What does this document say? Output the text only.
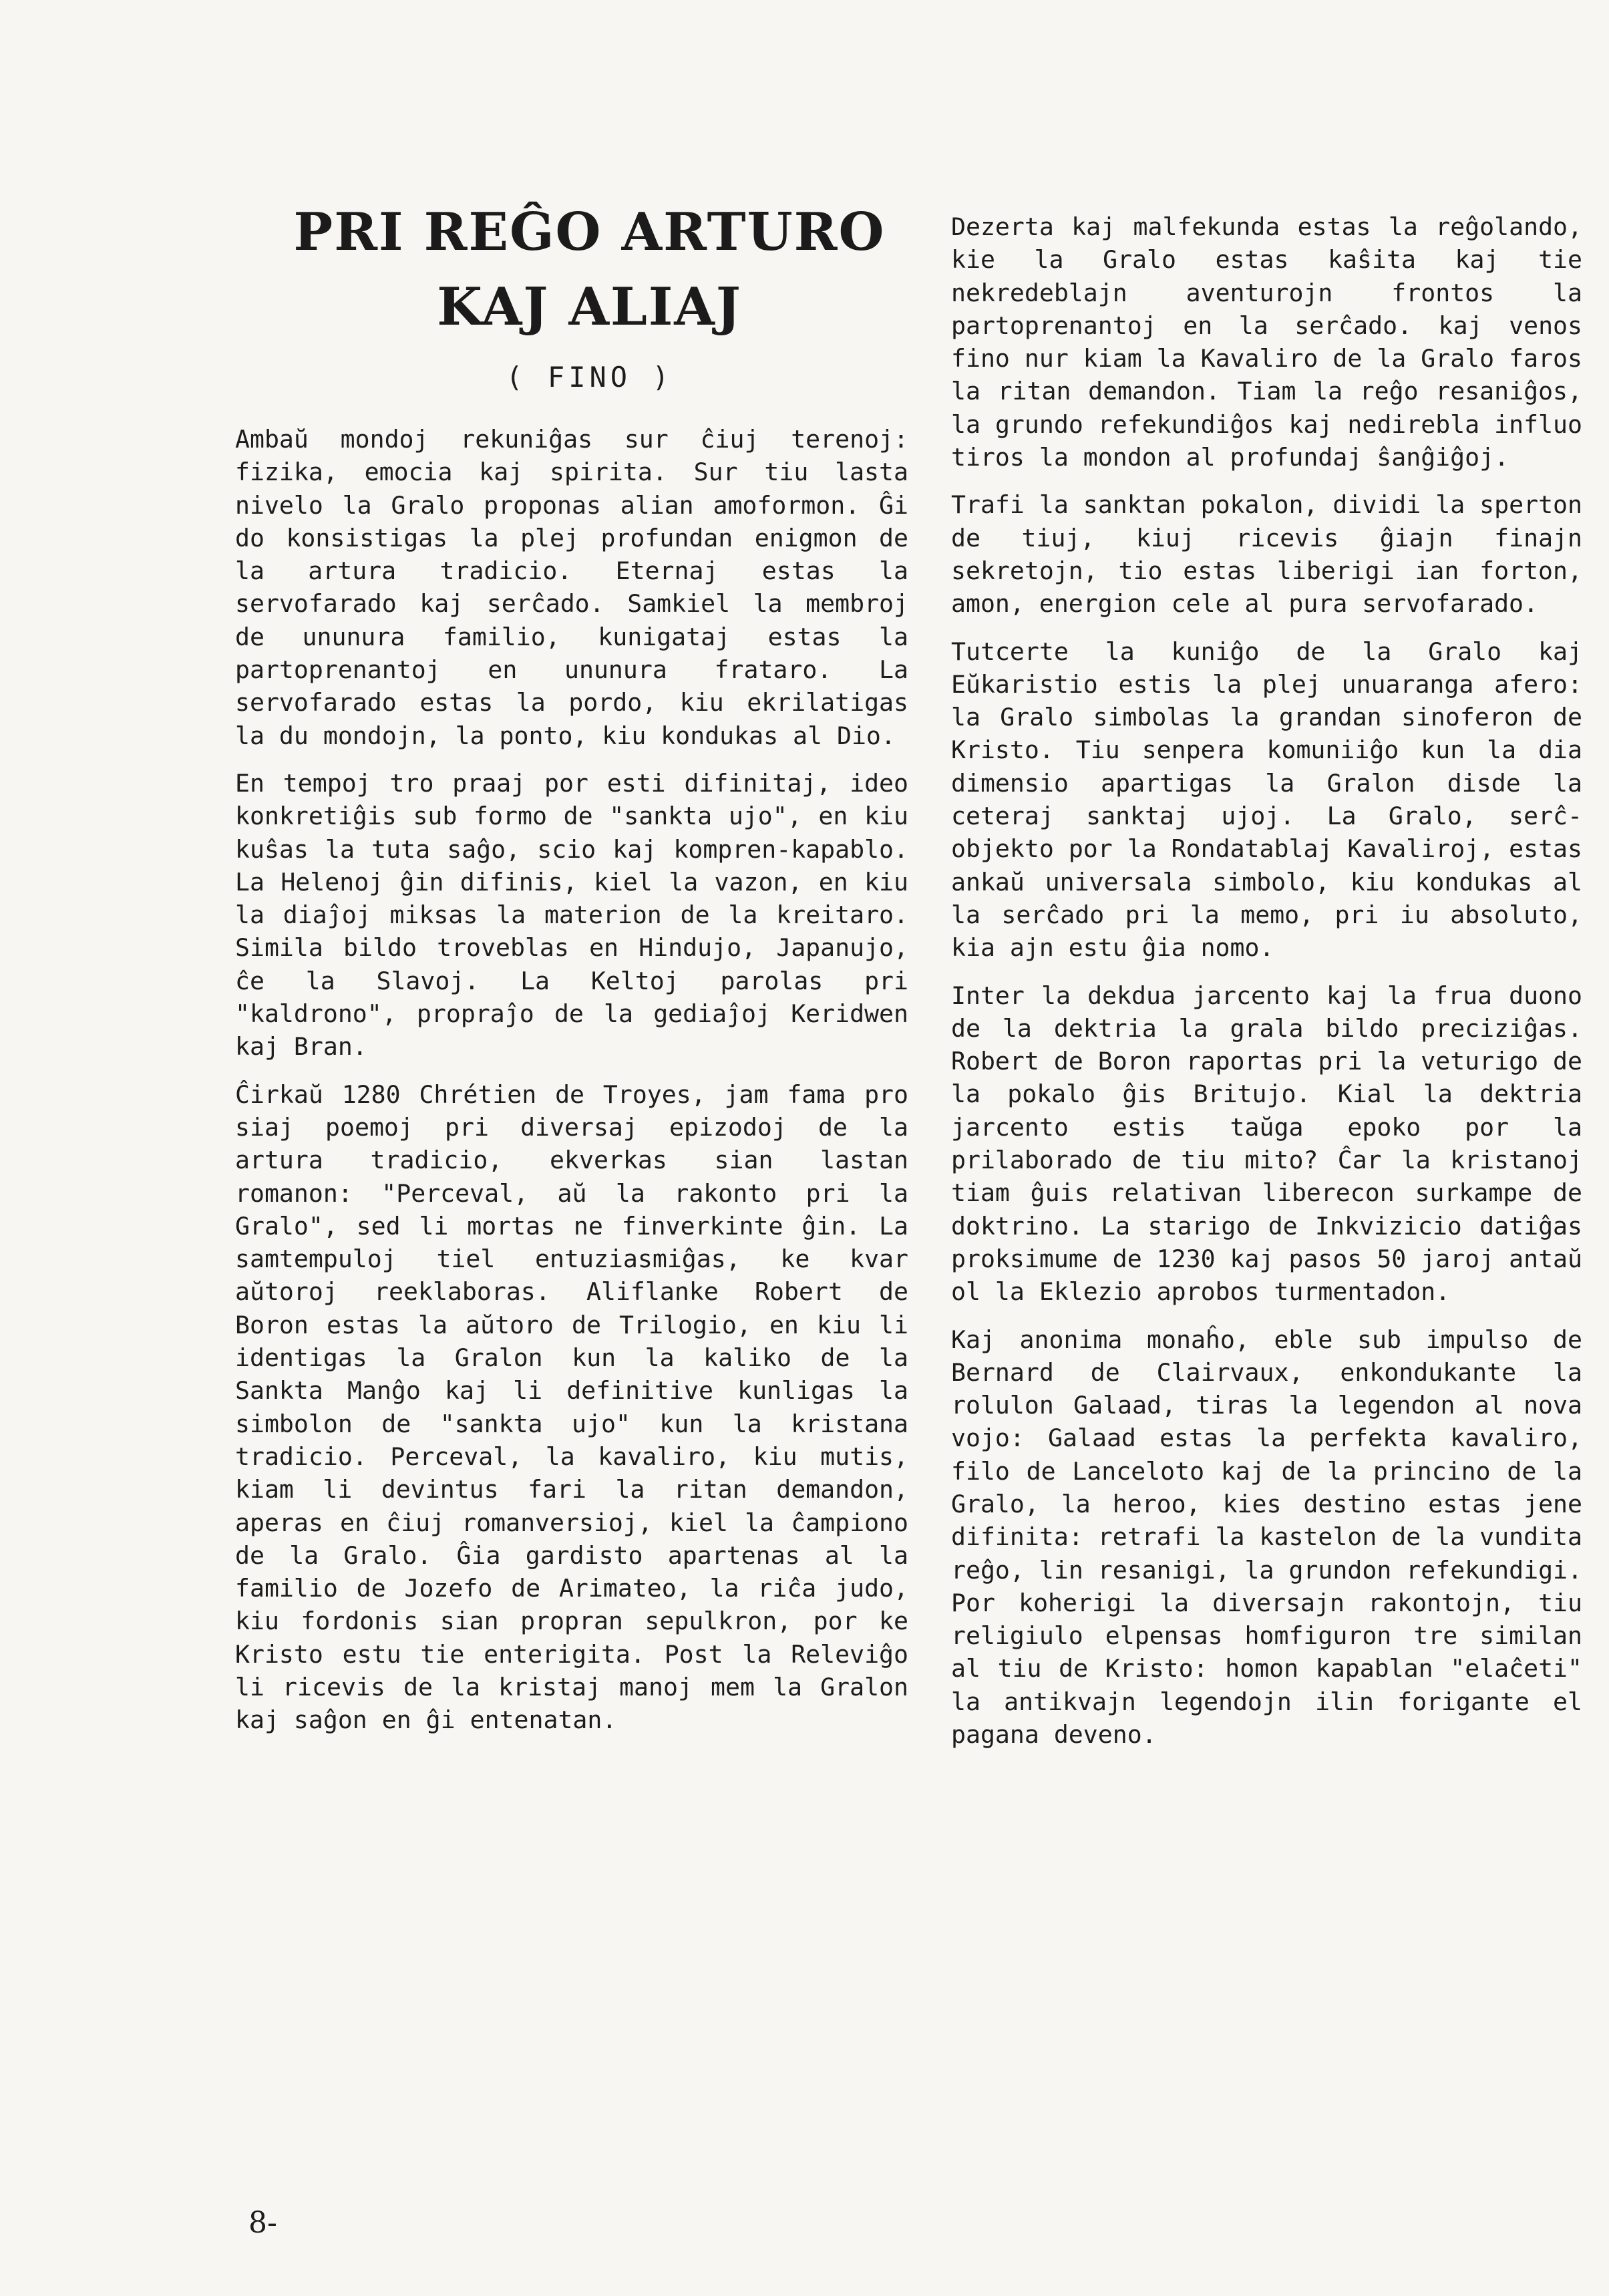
PRI REĜO ARTURO
KAJ ALIAJ
( FINO )

Ambaŭ mondoj rekuniĝas sur ĉiuj terenoj: fizika, emocia kaj spirita. Sur tiu lasta nivelo la Gralo proponas alian amoformon. Ĝi do konsistigas la plej profundan enigmon de la artura tradicio. Eternaj estas la servofarado kaj serĉado. Samkiel la membroj de ununura familio, kunigataj estas la partoprenantoj en ununura frataro. La servofarado estas la pordo, kiu ekrilatigas la du mondojn, la ponto, kiu kondukas al Dio.

En tempoj tro praaj por esti difinitaj, ideo konkretiĝis sub formo de "sankta ujo", en kiu kuŝas la tuta saĝo, scio kaj kompren-kapablo. La Helenoj ĝin difinis, kiel la vazon, en kiu la diaĵoj miksas la materion de la kreitaro. Simila bildo troveblas en Hindujo, Japanujo, ĉe la Slavoj. La Keltoj parolas pri "kaldrono", propraĵo de la gediaĵoj Keridwen kaj Bran.

Ĉirkaŭ 1280 Chrétien de Troyes, jam fama pro siaj poemoj pri diversaj epizodoj de la artura tradicio, ekverkas sian lastan romanon: "Perceval, aŭ la rakonto pri la Gralo", sed li mortas ne finverkinte ĝin. La samtempuloj tiel entuziasmiĝas, ke kvar aŭtoroj reeklaboras. Aliflanke Robert de Boron estas la aŭtoro de Trilogio, en kiu li identigas la Gralon kun la kaliko de la Sankta Manĝo kaj li definitive kunligas la simbolon de "sankta ujo" kun la kristana tradicio. Perceval, la kavaliro, kiu mutis, kiam li devintus fari la ritan demandon, aperas en ĉiuj romanversioj, kiel la ĉampiono de la Gralo. Ĝia gardisto apartenas al la familio de Jozefo de Arimateo, la riĉa judo, kiu fordonis sian propran sepulkron, por ke Kristo estu tie enterigita. Post la Releviĝo li ricevis de la kristaj manoj mem la Gralon kaj saĝon en ĝi entenatan.

Dezerta kaj malfekunda estas la reĝolando, kie la Gralo estas kaŝita kaj tie nekredeblajn aventurojn frontos la partoprenantoj en la serĉado. kaj venos fino nur kiam la Kavaliro de la Gralo faros la ritan demandon. Tiam la reĝo resaniĝos, la grundo refekundiĝos kaj nedirebla influo tiros la mondon al profundaj ŝanĝiĝoj.

Trafi la sanktan pokalon, dividi la sperton de tiuj, kiuj ricevis ĝiajn finajn sekretojn, tio estas liberigi ian forton, amon, energion cele al pura servofarado.

Tutcerte la kuniĝo de la Gralo kaj Eŭkaristio estis la plej unuaranga afero: la Gralo simbolas la grandan sinoferon de Kristo. Tiu senpera komuniiĝo kun la dia dimensio apartigas la Gralon disde la ceteraj sanktaj ujoj. La Gralo, serĉ-objekto por la Rondatablaj Kavaliroj, estas ankaŭ universala simbolo, kiu kondukas al la serĉado pri la memo, pri iu absoluto, kia ajn estu ĝia nomo.

Inter la dekdua jarcento kaj la frua duono de la dektria la grala bildo preciziĝas. Robert de Boron raportas pri la veturigo de la pokalo ĝis Britujo. Kial la dektria jarcento estis taŭga epoko por la prilaborado de tiu mito? Ĉar la kristanoj tiam ĝuis relativan liberecon surkampe de doktrino. La starigo de Inkvizicio datiĝas proksimume de 1230 kaj pasos 50 jaroj antaŭ ol la Eklezio aprobos turmentadon.

Kaj anonima monaĥo, eble sub impulso de Bernard de Clairvaux, enkondukante la rolulon Galaad, tiras la legendon al nova vojo: Galaad estas la perfekta kavaliro, filo de Lanceloto kaj de la princino de la Gralo, la heroo, kies destino estas jene difinita: retrafi la kastelon de la vundita reĝo, lin resanigi, la grundon refekundigi. Por koherigi la diversajn rakontojn, tiu religiulo elpensas homfiguron tre similan al tiu de Kristo: homon kapablan "elaĉeti" la antikvajn legendojn ilin forigante el pagana deveno.

8-
